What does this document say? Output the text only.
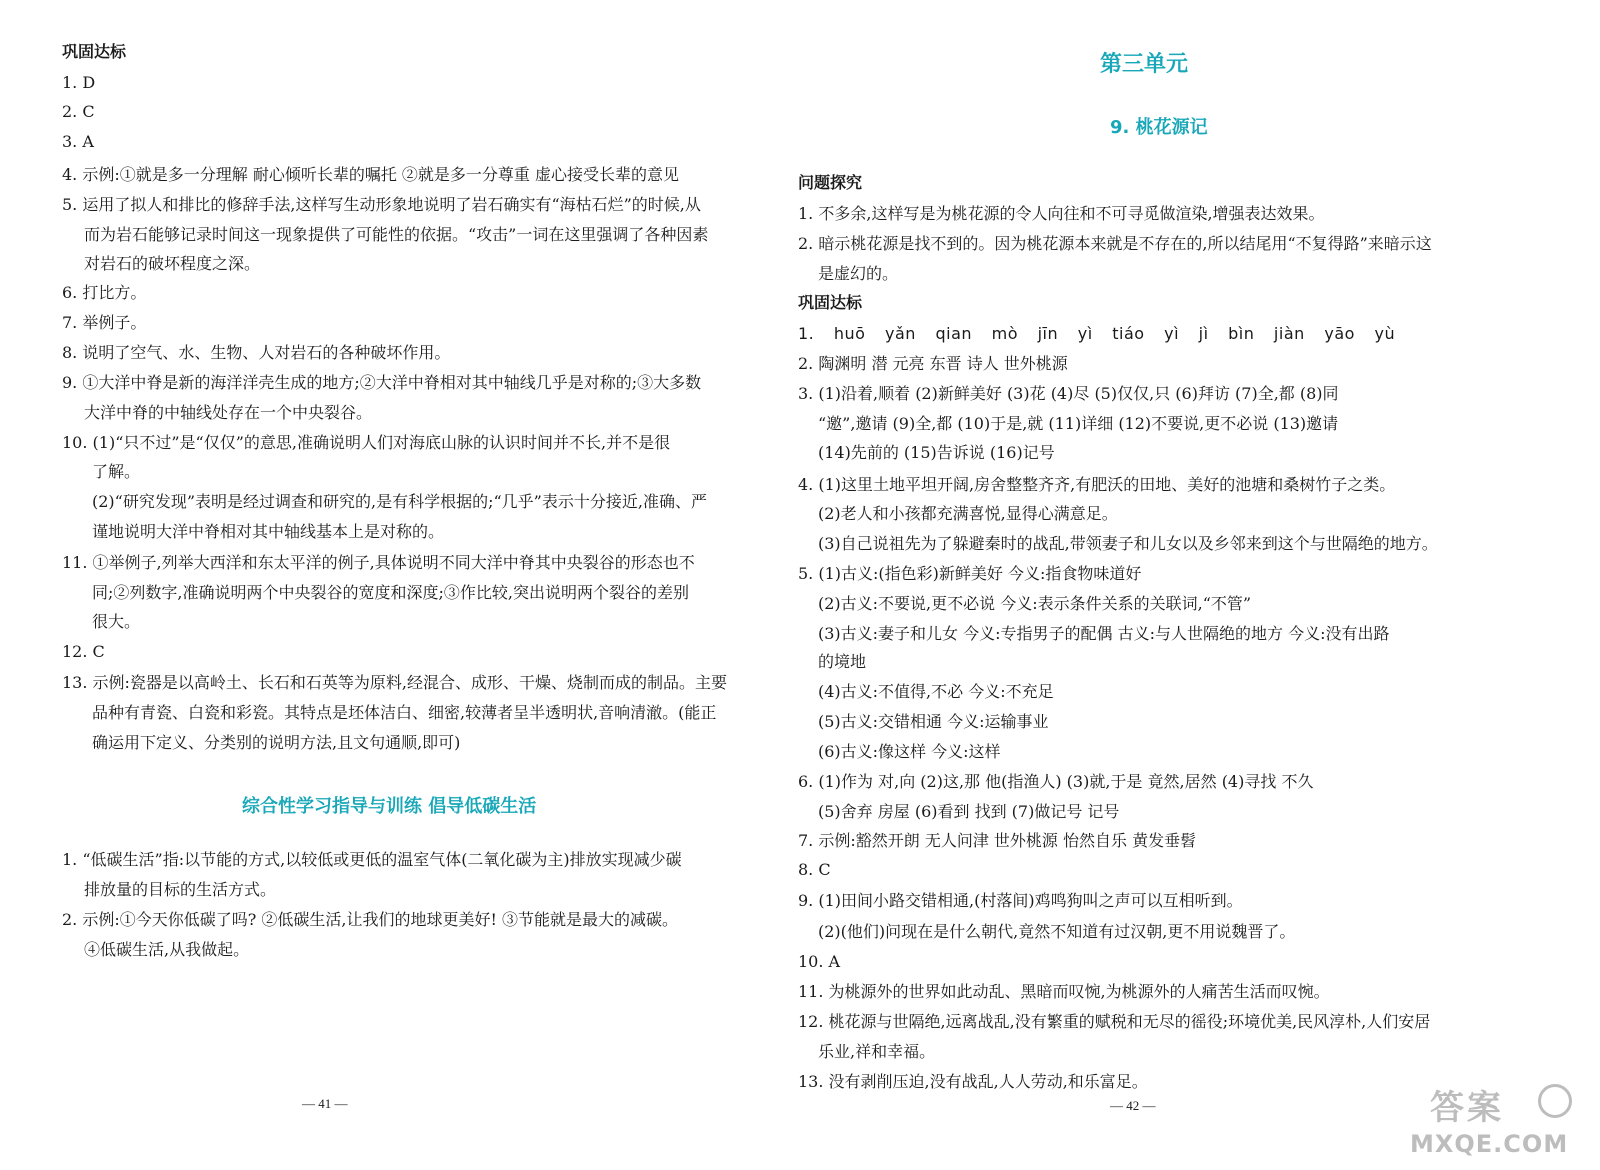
巩固达标
1. D
2. C
3. A
4. 示例:①就是多一分理解 耐心倾听长辈的嘱托 ②就是多一分尊重 虚心接受长辈的意见
5. 运用了拟人和排比的修辞手法,这样写生动形象地说明了岩石确实有“海枯石烂”的时候,从
而为岩石能够记录时间这一现象提供了可能性的依据。“攻击”一词在这里强调了各种因素
对岩石的破坏程度之深。
6. 打比方。
7. 举例子。
8. 说明了空气、水、生物、人对岩石的各种破坏作用。
9. ①大洋中脊是新的海洋洋壳生成的地方;②大洋中脊相对其中轴线几乎是对称的;③大多数
大洋中脊的中轴线处存在一个中央裂谷。
10. (1)“只不过”是“仅仅”的意思,准确说明人们对海底山脉的认识时间并不长,并不是很
了解。
(2)“研究发现”表明是经过调查和研究的,是有科学根据的;“几乎”表示十分接近,准确、严
谨地说明大洋中脊相对其中轴线基本上是对称的。
11. ①举例子,列举大西洋和东太平洋的例子,具体说明不同大洋中脊其中央裂谷的形态也不
同;②列数字,准确说明两个中央裂谷的宽度和深度;③作比较,突出说明两个裂谷的差别
很大。
12. C
13. 示例:瓷器是以高岭土、长石和石英等为原料,经混合、成形、干燥、烧制而成的制品。主要
品种有青瓷、白瓷和彩瓷。其特点是坯体洁白、细密,较薄者呈半透明状,音响清澈。(能正
确运用下定义、分类别的说明方法,且文句通顺,即可)
综合性学习指导与训练 倡导低碳生活
1. “低碳生活”指:以节能的方式,以较低或更低的温室气体(二氧化碳为主)排放实现减少碳
排放量的目标的生活方式。
2. 示例:①今天你低碳了吗? ②低碳生活,让我们的地球更美好! ③节能就是最大的减碳。
④低碳生活,从我做起。
— 41 —
第三单元
9. 桃花源记
问题探究
1. 不多余,这样写是为桃花源的令人向往和不可寻觅做渲染,增强表达效果。
2. 暗示桃花源是找不到的。因为桃花源本来就是不存在的,所以结尾用“不复得路”来暗示这
是虚幻的。
巩固达标
1. huō yǎn qian mò jīn yì tiáo yì jì bìn jiàn yāo yù
2. 陶渊明 潜 元亮 东晋 诗人 世外桃源
3. (1)沿着,顺着 (2)新鲜美好 (3)花 (4)尽 (5)仅仅,只 (6)拜访 (7)全,都 (8)同
“邀”,邀请 (9)全,都 (10)于是,就 (11)详细 (12)不要说,更不必说 (13)邀请
(14)先前的 (15)告诉说 (16)记号
4. (1)这里土地平坦开阔,房舍整整齐齐,有肥沃的田地、美好的池塘和桑树竹子之类。
(2)老人和小孩都充满喜悦,显得心满意足。
(3)自己说祖先为了躲避秦时的战乱,带领妻子和儿女以及乡邻来到这个与世隔绝的地方。
5. (1)古义:(指色彩)新鲜美好 今义:指食物味道好
(2)古义:不要说,更不必说 今义:表示条件关系的关联词,“不管”
(3)古义:妻子和儿女 今义:专指男子的配偶 古义:与人世隔绝的地方 今义:没有出路
的境地
(4)古义:不值得,不必 今义:不充足
(5)古义:交错相通 今义:运输事业
(6)古义:像这样 今义:这样
6. (1)作为 对,向 (2)这,那 他(指渔人) (3)就,于是 竟然,居然 (4)寻找 不久
(5)舍弃 房屋 (6)看到 找到 (7)做记号 记号
7. 示例:豁然开朗 无人问津 世外桃源 怡然自乐 黄发垂髫
8. C
9. (1)田间小路交错相通,(村落间)鸡鸣狗叫之声可以互相听到。
(2)(他们)问现在是什么朝代,竟然不知道有过汉朝,更不用说魏晋了。
10. A
11. 为桃源外的世界如此动乱、黑暗而叹惋,为桃源外的人痛苦生活而叹惋。
12. 桃花源与世隔绝,远离战乱,没有繁重的赋税和无尽的徭役;环境优美,民风淳朴,人们安居
乐业,祥和幸福。
13. 没有剥削压迫,没有战乱,人人劳动,和乐富足。
— 42 —	答案
MXQE.COM
